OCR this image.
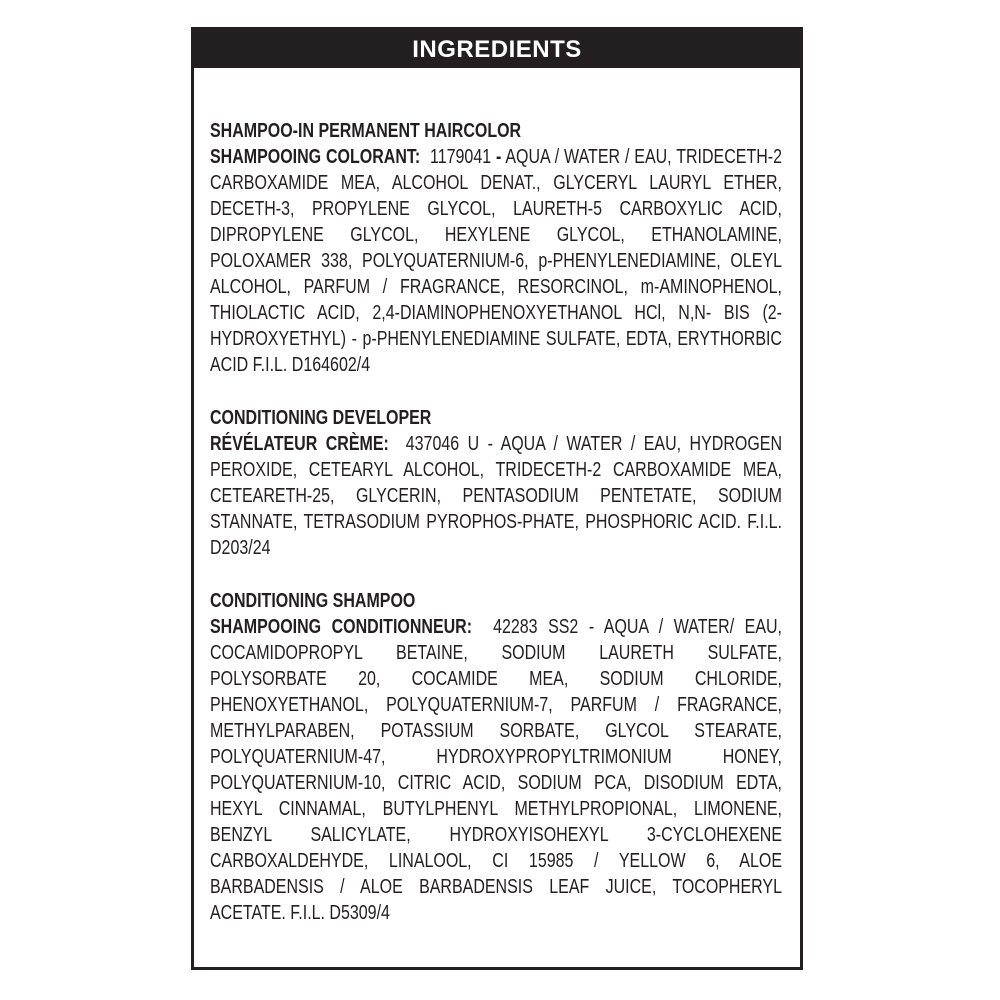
INGREDIENTS

SHAMPOO-IN PERMANENT HAIRCOLOR

SHAMPOOING COLORANT: 1179041 - AQUA / WATER / EAU, TRIDECETH-2 CARBOXAMIDE MEA, ALCOHOL DENAT., GLYCERYL LAURYL ETHER, DECETH-3, PROPYLENE GLYCOL, LAURETH-5 CARBOXYLIC ACID, DIPROPYLENE GLYCOL, HEXYLENE GLYCOL, ETHANOLAMINE, POLOXAMER 338, POLYQUATERNIUM-6, p-PHENYLENEDIAMINE, OLEYL ALCOHOL, PARFUM / FRAGRANCE, RESORCINOL, m-AMINOPHENOL, THIOLACTIC ACID, 2,4-DIAMINOPHENOXYETHANOL HCl, N,N- BIS (2-HYDROXYETHYL) - p-PHENYLENEDIAMINE SULFATE, EDTA, ERYTHORBIC ACID F.I.L. D164602/4

CONDITIONING DEVELOPER

RÉVÉLATEUR CRÈME: 437046 U - AQUA / WATER / EAU, HYDROGEN PEROXIDE, CETEARYL ALCOHOL, TRIDECETH-2 CARBOXAMIDE MEA, CETEARETH-25, GLYCERIN, PENTASODIUM PENTETATE, SODIUM STANNATE, TETRASODIUM PYROPHOS-PHATE, PHOSPHORIC ACID. F.I.L. D203/24

CONDITIONING SHAMPOO

SHAMPOOING CONDITIONNEUR: 42283 SS2 - AQUA / WATER/ EAU, COCAMIDOPROPYL BETAINE, SODIUM LAURETH SULFATE, POLYSORBATE 20, COCAMIDE MEA, SODIUM CHLORIDE, PHENOXYETHANOL, POLYQUATERNIUM-7, PARFUM / FRAGRANCE, METHYLPARABEN, POTASSIUM SORBATE, GLYCOL STEARATE, POLYQUATERNIUM-47, HYDROXYPROPYLTRIMONIUM HONEY, POLYQUATERNIUM-10, CITRIC ACID, SODIUM PCA, DISODIUM EDTA, HEXYL CINNAMAL, BUTYLPHENYL METHYLPROPIONAL, LIMONENE, BENZYL SALICYLATE, HYDROXYISOHEXYL 3-CYCLOHEXENE CARBOXALDEHYDE, LINALOOL, CI 15985 / YELLOW 6, ALOE BARBADENSIS / ALOE BARBADENSIS LEAF JUICE, TOCOPHERYL ACETATE. F.I.L. D5309/4
